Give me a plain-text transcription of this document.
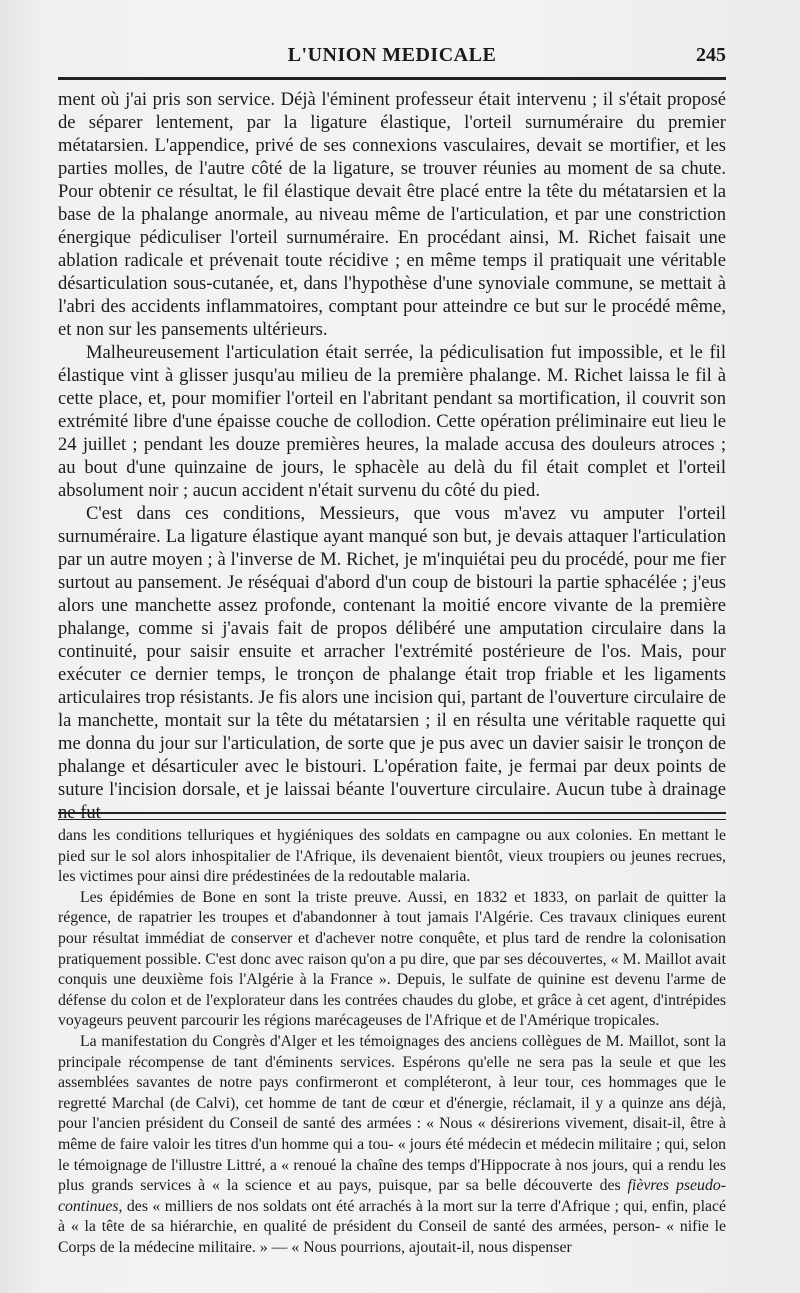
L'UNION MEDICALE	245

ment où j'ai pris son service. Déjà l'éminent professeur était intervenu ; il s'était proposé de séparer lentement, par la ligature élastique, l'orteil surnuméraire du premier métatarsien. L'appendice, privé de ses connexions vasculaires, devait se mortifier, et les parties molles, de l'autre côté de la ligature, se trouver réunies au moment de sa chute. Pour obtenir ce résultat, le fil élastique devait être placé entre la tête du métatarsien et la base de la phalange anormale, au niveau même de l'articulation, et par une constriction énergique pédiculiser l'orteil surnuméraire. En procédant ainsi, M. Richet faisait une ablation radicale et prévenait toute récidive ; en même temps il pratiquait une véritable désarticulation sous-cutanée, et, dans l'hypothèse d'une synoviale commune, se mettait à l'abri des accidents inflammatoires, comptant pour atteindre ce but sur le procédé même, et non sur les pansements ultérieurs.

Malheureusement l'articulation était serrée, la pédiculisation fut impossible, et le fil élastique vint à glisser jusqu'au milieu de la première phalange. M. Richet laissa le fil à cette place, et, pour momifier l'orteil en l'abritant pendant sa mortification, il couvrit son extrémité libre d'une épaisse couche de collodion. Cette opération préliminaire eut lieu le 24 juillet ; pendant les douze premières heures, la malade accusa des douleurs atroces ; au bout d'une quinzaine de jours, le sphacèle au delà du fil était complet et l'orteil absolument noir ; aucun accident n'était survenu du côté du pied.

C'est dans ces conditions, Messieurs, que vous m'avez vu amputer l'orteil surnuméraire. La ligature élastique ayant manqué son but, je devais attaquer l'articulation par un autre moyen ; à l'inverse de M. Richet, je m'inquiétai peu du procédé, pour me fier surtout au pansement. Je réséquai d'abord d'un coup de bistouri la partie sphacélée ; j'eus alors une manchette assez profonde, contenant la moitié encore vivante de la première phalange, comme si j'avais fait de propos délibéré une amputation circulaire dans la continuité, pour saisir ensuite et arracher l'extrémité postérieure de l'os. Mais, pour exécuter ce dernier temps, le tronçon de phalange était trop friable et les ligaments articulaires trop résistants. Je fis alors une incision qui, partant de l'ouverture circulaire de la manchette, montait sur la tête du métatarsien ; il en résulta une véritable raquette qui me donna du jour sur l'articulation, de sorte que je pus avec un davier saisir le tronçon de phalange et désarticuler avec le bistouri. L'opération faite, je fermai par deux points de suture l'incision dorsale, et je laissai béante l'ouverture circulaire. Aucun tube à drainage ne fut

dans les conditions telluriques et hygiéniques des soldats en campagne ou aux colonies. En mettant le pied sur le sol alors inhospitalier de l'Afrique, ils devenaient bientôt, vieux troupiers ou jeunes recrues, les victimes pour ainsi dire prédestinées de la redoutable malaria.

Les épidémies de Bone en sont la triste preuve. Aussi, en 1832 et 1833, on parlait de quitter la régence, de rapatrier les troupes et d'abandonner à tout jamais l'Algérie. Ces travaux cliniques eurent pour résultat immédiat de conserver et d'achever notre conquête, et plus tard de rendre la colonisation pratiquement possible. C'est donc avec raison qu'on a pu dire, que par ses découvertes, « M. Maillot avait conquis une deuxième fois l'Algérie à la France ». Depuis, le sulfate de quinine est devenu l'arme de défense du colon et de l'explorateur dans les contrées chaudes du globe, et grâce à cet agent, d'intrépides voyageurs peuvent parcourir les régions marécageuses de l'Afrique et de l'Amérique tropicales.

La manifestation du Congrès d'Alger et les témoignages des anciens collègues de M. Maillot, sont la principale récompense de tant d'éminents services. Espérons qu'elle ne sera pas la seule et que les assemblées savantes de notre pays confirmeront et compléteront, à leur tour, ces hommages que le regretté Marchal (de Calvi), cet homme de tant de cœur et d'énergie, réclamait, il y a quinze ans déjà, pour l'ancien président du Conseil de santé des armées : « Nous « désirerions vivement, disait-il, être à même de faire valoir les titres d'un homme qui a tou- « jours été médecin et médecin militaire ; qui, selon le témoignage de l'illustre Littré, a « renoué la chaîne des temps d'Hippocrate à nos jours, qui a rendu les plus grands services à « la science et au pays, puisque, par sa belle découverte des fièvres pseudo-continues, des « milliers de nos soldats ont été arrachés à la mort sur la terre d'Afrique ; qui, enfin, placé à « la tête de sa hiérarchie, en qualité de président du Conseil de santé des armées, person- « nifie le Corps de la médecine militaire. » — « Nous pourrions, ajoutait-il, nous dispenser
